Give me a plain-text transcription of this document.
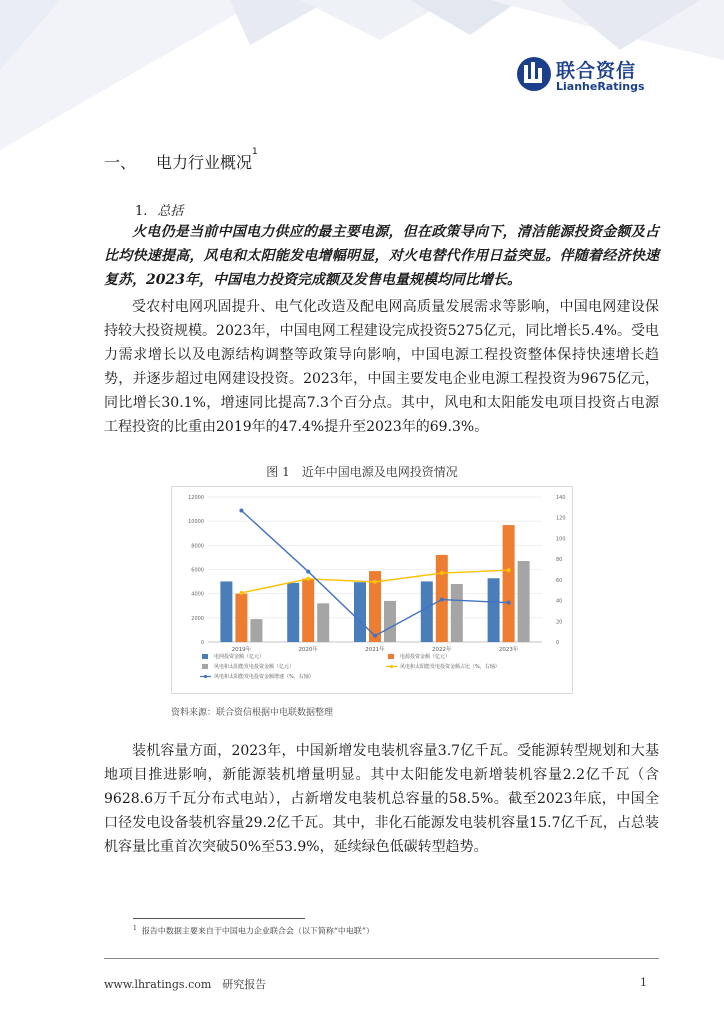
联合资信
LianheRatings
一、 电力行业概况$^1$
1. 总括

火电仍是当前中国电力供应的最主要电源，但在政策导向下，清洁能源投资金额及占比均快速提高，风电和太阳能发电增幅明显，对火电替代作用日益突显。伴随着经济快速复苏，2023年，中国电力投资完成额及发售电量规模均同比增长。

受农村电网巩固提升、电气化改造及配电网高质量发展需求等影响，中国电网建设保持较大投资规模。2023年，中国电网工程建设完成投资5275亿元，同比增长5.4%。受电力需求增长以及电源结构调整等政策导向影响，中国电源工程投资整体保持快速增长趋势，并逐步超过电网建设投资。2023年，中国主要发电企业电源工程投资为9675亿元，同比增长30.1%，增速同比提高7.3个百分点。其中，风电和太阳能发电项目投资占电源工程投资的比重由2019年的47.4%提升至2023年的69.3%。

图 1　近年中国电源及电网投资情况
0
2000
4000
6000
8000
10000
12000
0
20
40
60
80
100
120
140
2019年	2020年	2021年	2022年	2023年
电网投资金额（亿元）	电源投资金额（亿元）
风电和太阳能发电投资金额（亿元）	风电和太阳能发电投资金额占比（%，右轴）
风电和太阳能发电投资金额增速（%，右轴）
资料来源：联合资信根据中电联数据整理

装机容量方面，2023年，中国新增发电装机容量3.7亿千瓦。受能源转型规划和大基地项目推进影响，新能源装机增量明显。其中太阳能发电新增装机容量2.2亿千瓦（含9628.6万千瓦分布式电站），占新增发电装机总容量的58.5%。截至2023年底，中国全口径发电设备装机容量29.2亿千瓦。其中，非化石能源发电装机容量15.7亿千瓦，占总装机容量比重首次突破50%至53.9%，延续绿色低碳转型趋势。

$^1$ 报告中数据主要来自于中国电力企业联合会（以下简称“中电联”）
www.lhratings.com　研究报告	1
